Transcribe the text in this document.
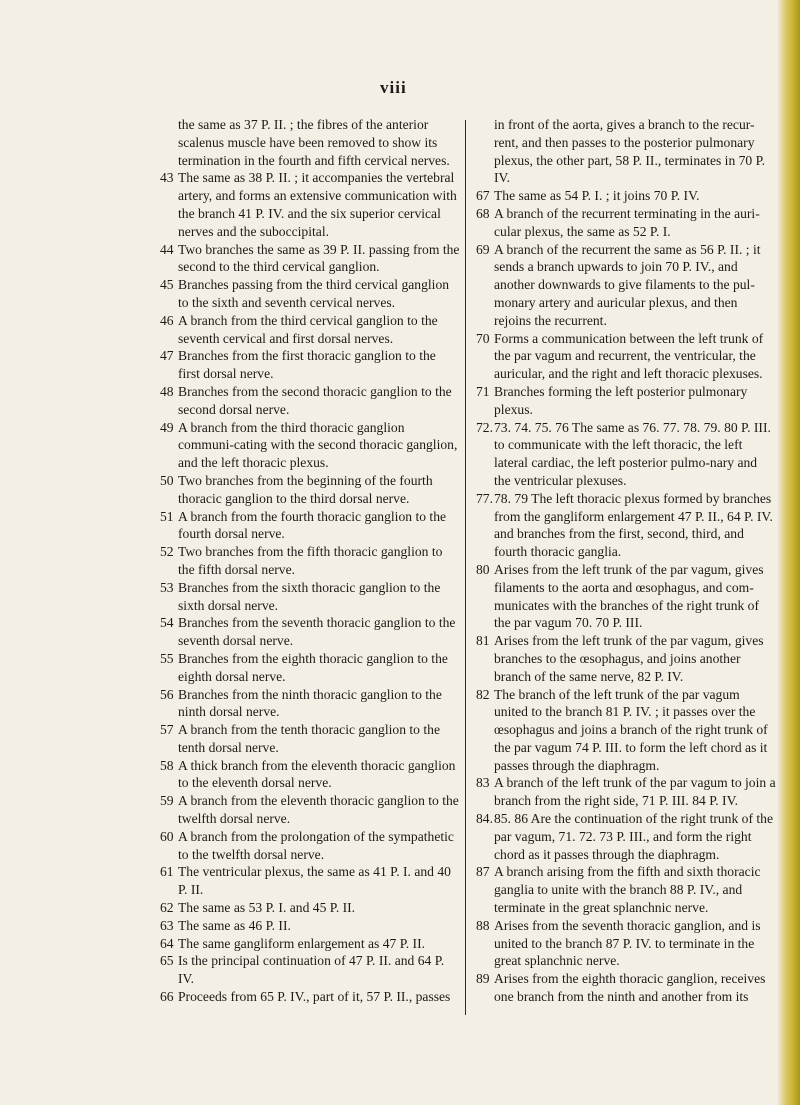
viii

the same as 37 P. II. ; the fibres of the anterior scalenus muscle have been removed to show its termination in the fourth and fifth cervical nerves.

43 The same as 38 P. II. ; it accompanies the vertebral artery, and forms an extensive communication with the branch 41 P. IV. and the six superior cervical nerves and the suboccipital.

44 Two branches the same as 39 P. II. passing from the second to the third cervical ganglion.

45 Branches passing from the third cervical ganglion to the sixth and seventh cervical nerves.

46 A branch from the third cervical ganglion to the seventh cervical and first dorsal nerves.

47 Branches from the first thoracic ganglion to the first dorsal nerve.

48 Branches from the second thoracic ganglion to the second dorsal nerve.

49 A branch from the third thoracic ganglion communi-cating with the second thoracic ganglion, and the left thoracic plexus.

50 Two branches from the beginning of the fourth thoracic ganglion to the third dorsal nerve.

51 A branch from the fourth thoracic ganglion to the fourth dorsal nerve.

52 Two branches from the fifth thoracic ganglion to the fifth dorsal nerve.

53 Branches from the sixth thoracic ganglion to the sixth dorsal nerve.

54 Branches from the seventh thoracic ganglion to the seventh dorsal nerve.

55 Branches from the eighth thoracic ganglion to the eighth dorsal nerve.

56 Branches from the ninth thoracic ganglion to the ninth dorsal nerve.

57 A branch from the tenth thoracic ganglion to the tenth dorsal nerve.

58 A thick branch from the eleventh thoracic ganglion to the eleventh dorsal nerve.

59 A branch from the eleventh thoracic ganglion to the twelfth dorsal nerve.

60 A branch from the prolongation of the sympathetic to the twelfth dorsal nerve.

61 The ventricular plexus, the same as 41 P. I. and 40 P. II.

62 The same as 53 P. I. and 45 P. II.

63 The same as 46 P. II.

64 The same gangliform enlargement as 47 P. II.

65 Is the principal continuation of 47 P. II. and 64 P. IV.

66 Proceeds from 65 P. IV., part of it, 57 P. II., passes

in front of the aorta, gives a branch to the recur-rent, and then passes to the posterior pulmonary plexus, the other part, 58 P. II., terminates in 70 P. IV.

67 The same as 54 P. I. ; it joins 70 P. IV.

68 A branch of the recurrent terminating in the auri-cular plexus, the same as 52 P. I.

69 A branch of the recurrent the same as 56 P. II. ; it sends a branch upwards to join 70 P. IV., and another downwards to give filaments to the pul-monary artery and auricular plexus, and then rejoins the recurrent.

70 Forms a communication between the left trunk of the par vagum and recurrent, the ventricular, the auricular, and the right and left thoracic plexuses.

71 Branches forming the left posterior pulmonary plexus.

72. 73. 74. 75. 76 The same as 76. 77. 78. 79. 80 P. III. to communicate with the left thoracic, the left lateral cardiac, the left posterior pulmo-nary and the ventricular plexuses.

77. 78. 79 The left thoracic plexus formed by branches from the gangliform enlargement 47 P. II., 64 P. IV. and branches from the first, second, third, and fourth thoracic ganglia.

80 Arises from the left trunk of the par vagum, gives filaments to the aorta and œsophagus, and com-municates with the branches of the right trunk of the par vagum 70. 70 P. III.

81 Arises from the left trunk of the par vagum, gives branches to the œsophagus, and joins another branch of the same nerve, 82 P. IV.

82 The branch of the left trunk of the par vagum united to the branch 81 P. IV. ; it passes over the œsophagus and joins a branch of the right trunk of the par vagum 74 P. III. to form the left chord as it passes through the diaphragm.

83 A branch of the left trunk of the par vagum to join a branch from the right side, 71 P. III. 84 P. IV.

84. 85. 86 Are the continuation of the right trunk of the par vagum, 71. 72. 73 P. III., and form the right chord as it passes through the diaphragm.

87 A branch arising from the fifth and sixth thoracic ganglia to unite with the branch 88 P. IV., and terminate in the great splanchnic nerve.

88 Arises from the seventh thoracic ganglion, and is united to the branch 87 P. IV. to terminate in the great splanchnic nerve.

89 Arises from the eighth thoracic ganglion, receives one branch from the ninth and another from its
